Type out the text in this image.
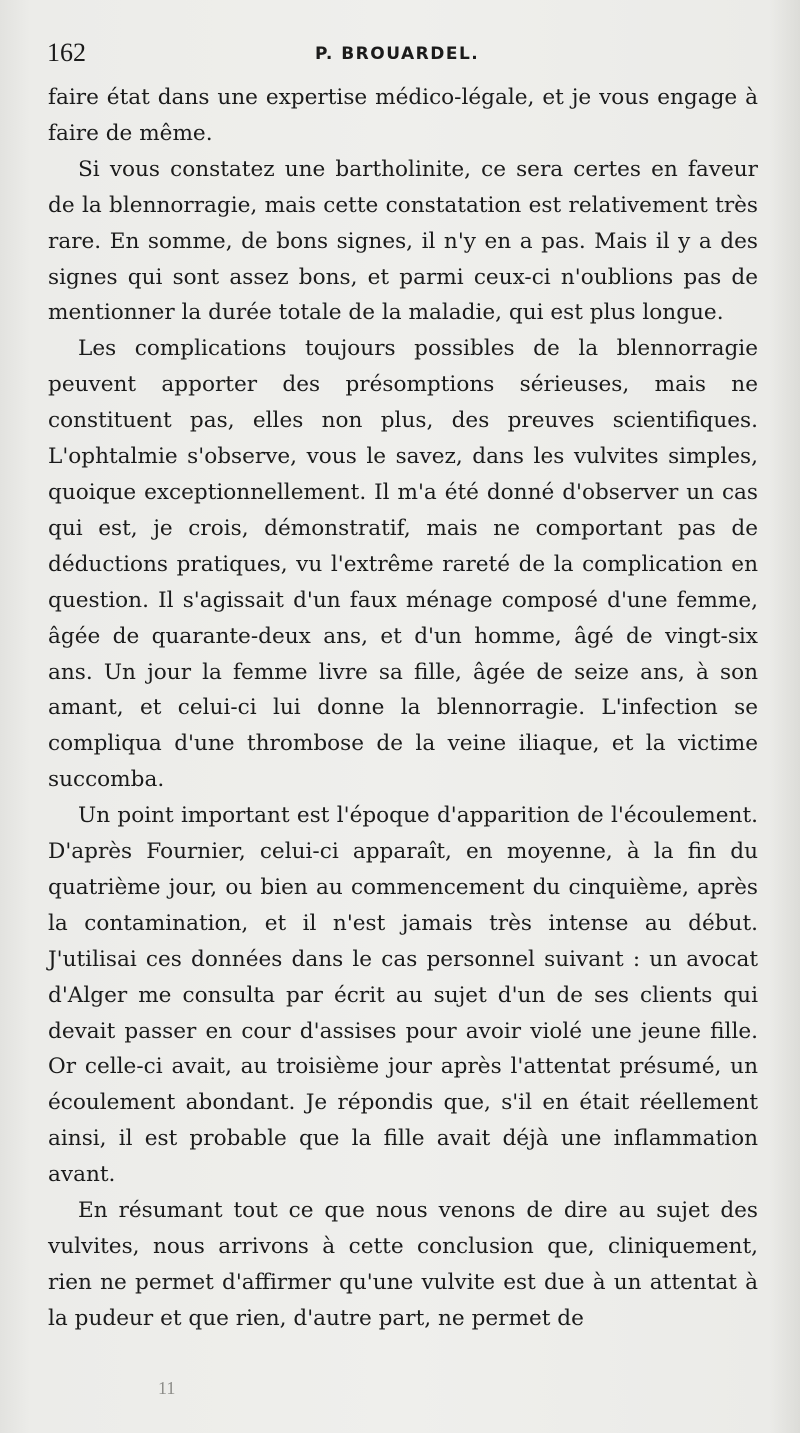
162	P. BROUARDEL.

faire état dans une expertise médico-légale, et je vous engage à faire de même.

Si vous constatez une bartholinite, ce sera certes en faveur de la blennorragie, mais cette constatation est relativement très rare. En somme, de bons signes, il n'y en a pas. Mais il y a des signes qui sont assez bons, et parmi ceux-ci n'oublions pas de mentionner la durée totale de la maladie, qui est plus longue.

Les complications toujours possibles de la blennorragie peuvent apporter des présomptions sérieuses, mais ne constituent pas, elles non plus, des preuves scientifiques. L'ophtalmie s'observe, vous le savez, dans les vulvites simples, quoique exceptionnellement. Il m'a été donné d'observer un cas qui est, je crois, démonstratif, mais ne comportant pas de déductions pratiques, vu l'extrême rareté de la complication en question. Il s'agissait d'un faux ménage composé d'une femme, âgée de quarante-deux ans, et d'un homme, âgé de vingt-six ans. Un jour la femme livre sa fille, âgée de seize ans, à son amant, et celui-ci lui donne la blennorragie. L'infection se compliqua d'une thrombose de la veine iliaque, et la victime succomba.

Un point important est l'époque d'apparition de l'écoulement. D'après Fournier, celui-ci apparaît, en moyenne, à la fin du quatrième jour, ou bien au commencement du cinquième, après la contamination, et il n'est jamais très intense au début. J'utilisai ces données dans le cas personnel suivant : un avocat d'Alger me consulta par écrit au sujet d'un de ses clients qui devait passer en cour d'assises pour avoir violé une jeune fille. Or celle-ci avait, au troisième jour après l'attentat présumé, un écoulement abondant. Je répondis que, s'il en était réellement ainsi, il est probable que la fille avait déjà une inflammation avant.

En résumant tout ce que nous venons de dire au sujet des vulvites, nous arrivons à cette conclusion que, cliniquement, rien ne permet d'affirmer qu'une vulvite est due à un attentat à la pudeur et que rien, d'autre part, ne permet de

11
